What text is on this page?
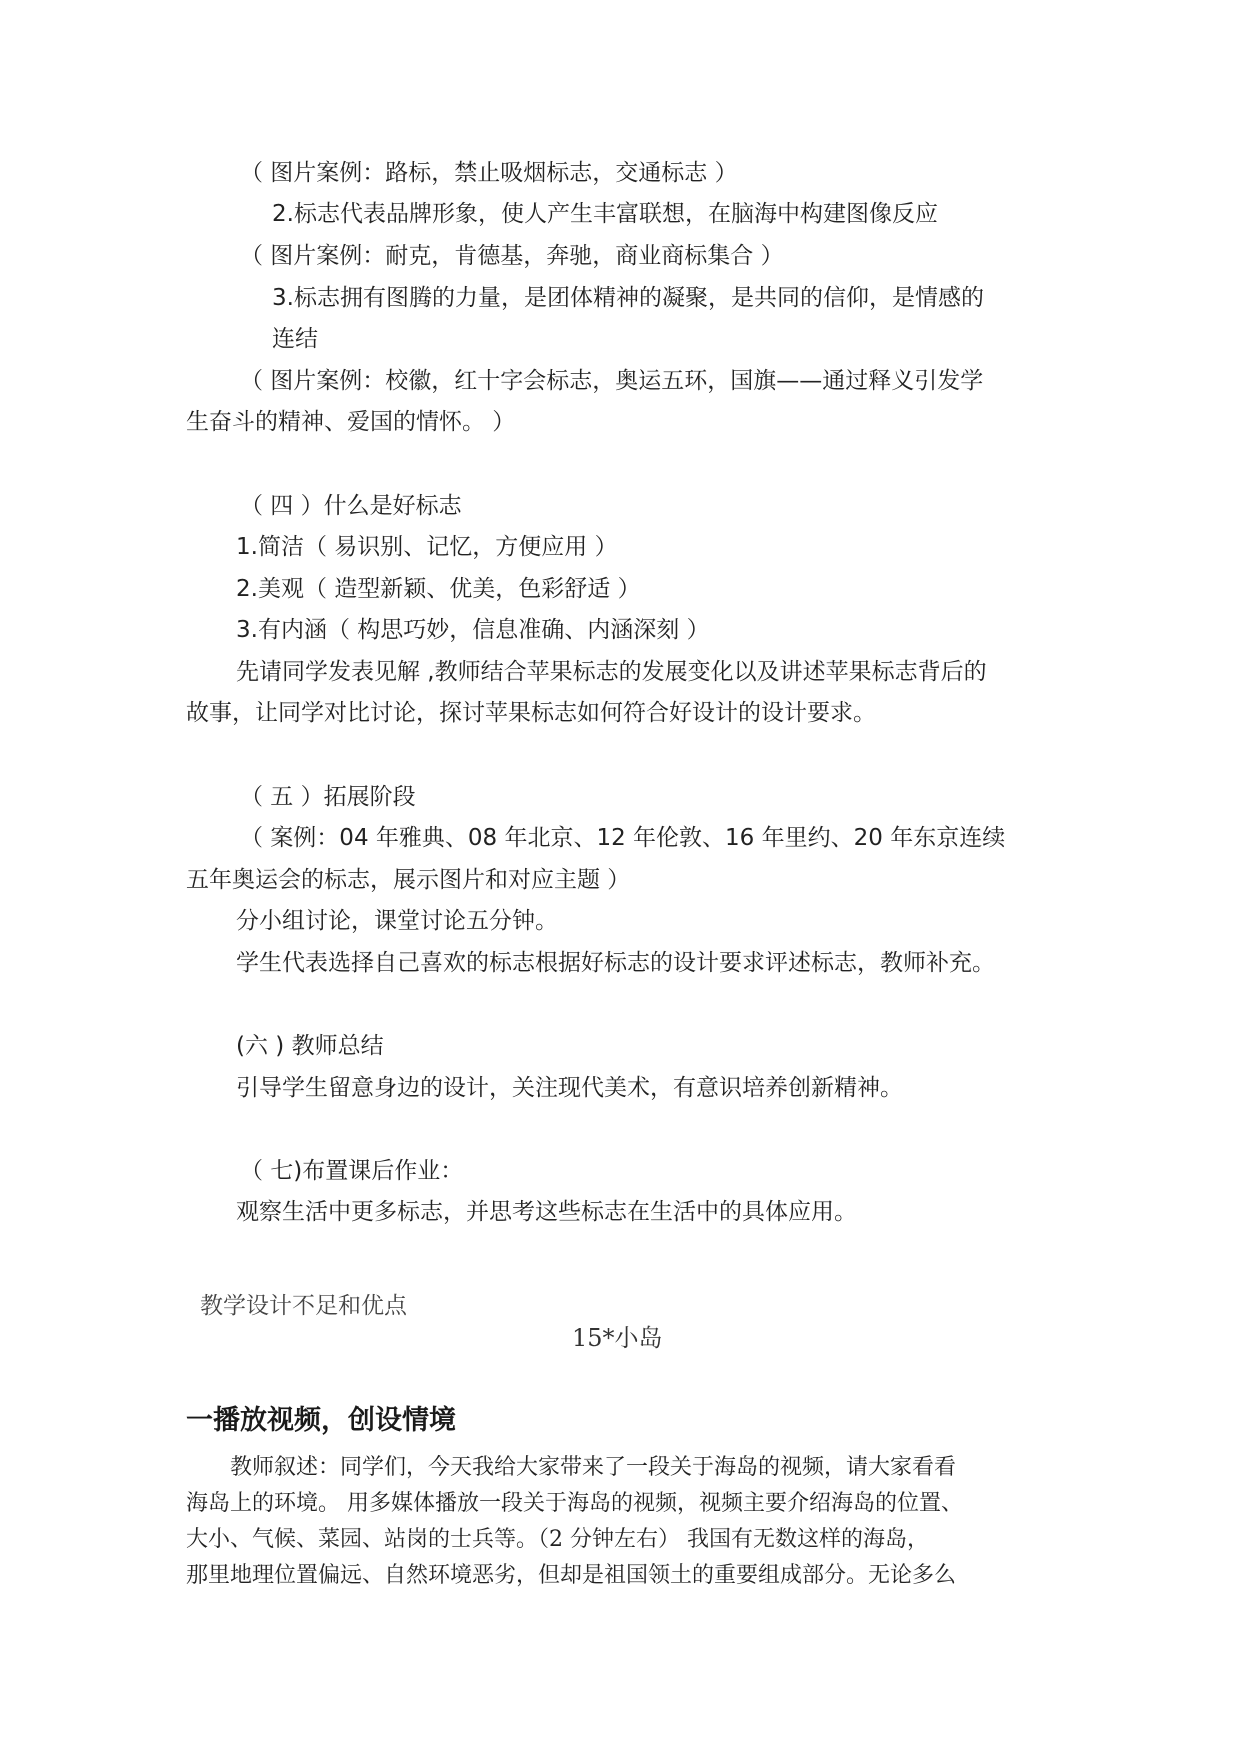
（ 图片案例：路标，禁止吸烟标志，交通标志 ）

2.标志代表品牌形象，使人产生丰富联想，在脑海中构建图像反应

（ 图片案例：耐克，肯德基，奔驰，商业商标集合 ）

3.标志拥有图腾的力量，是团体精神的凝聚，是共同的信仰，是情感的

连结

（ 图片案例：校徽，红十字会标志，奥运五环，国旗——通过释义引发学

生奋斗的精神、爱国的情怀。 ）

（ 四 ）什么是好标志

1.简洁（ 易识别、记忆，方便应用 ）

2.美观（ 造型新颖、优美，色彩舒适 ）

3.有内涵（ 构思巧妙，信息准确、内涵深刻 ）

先请同学发表见解 ,教师结合苹果标志的发展变化以及讲述苹果标志背后的

故事，让同学对比讨论，探讨苹果标志如何符合好设计的设计要求。

（ 五 ）拓展阶段

（ 案例：04 年雅典、08 年北京、12 年伦敦、16 年里约、20 年东京连续

五年奥运会的标志，展示图片和对应主题 ）

分小组讨论，课堂讨论五分钟。

学生代表选择自己喜欢的标志根据好标志的设计要求评述标志，教师补充。

(六 ) 教师总结

引导学生留意身边的设计，关注现代美术，有意识培养创新精神。

（ 七)布置课后作业：

观察生活中更多标志，并思考这些标志在生活中的具体应用。

教学设计不足和优点

15*小岛

一播放视频，创设情境

教师叙述：同学们，今天我给大家带来了一段关于海岛的视频，请大家看看

海岛上的环境。 用多媒体播放一段关于海岛的视频，视频主要介绍海岛的位置、

大小、气候、菜园、站岗的士兵等。（2 分钟左右） 我国有无数这样的海岛，

那里地理位置偏远、自然环境恶劣，但却是祖国领土的重要组成部分。无论多么
